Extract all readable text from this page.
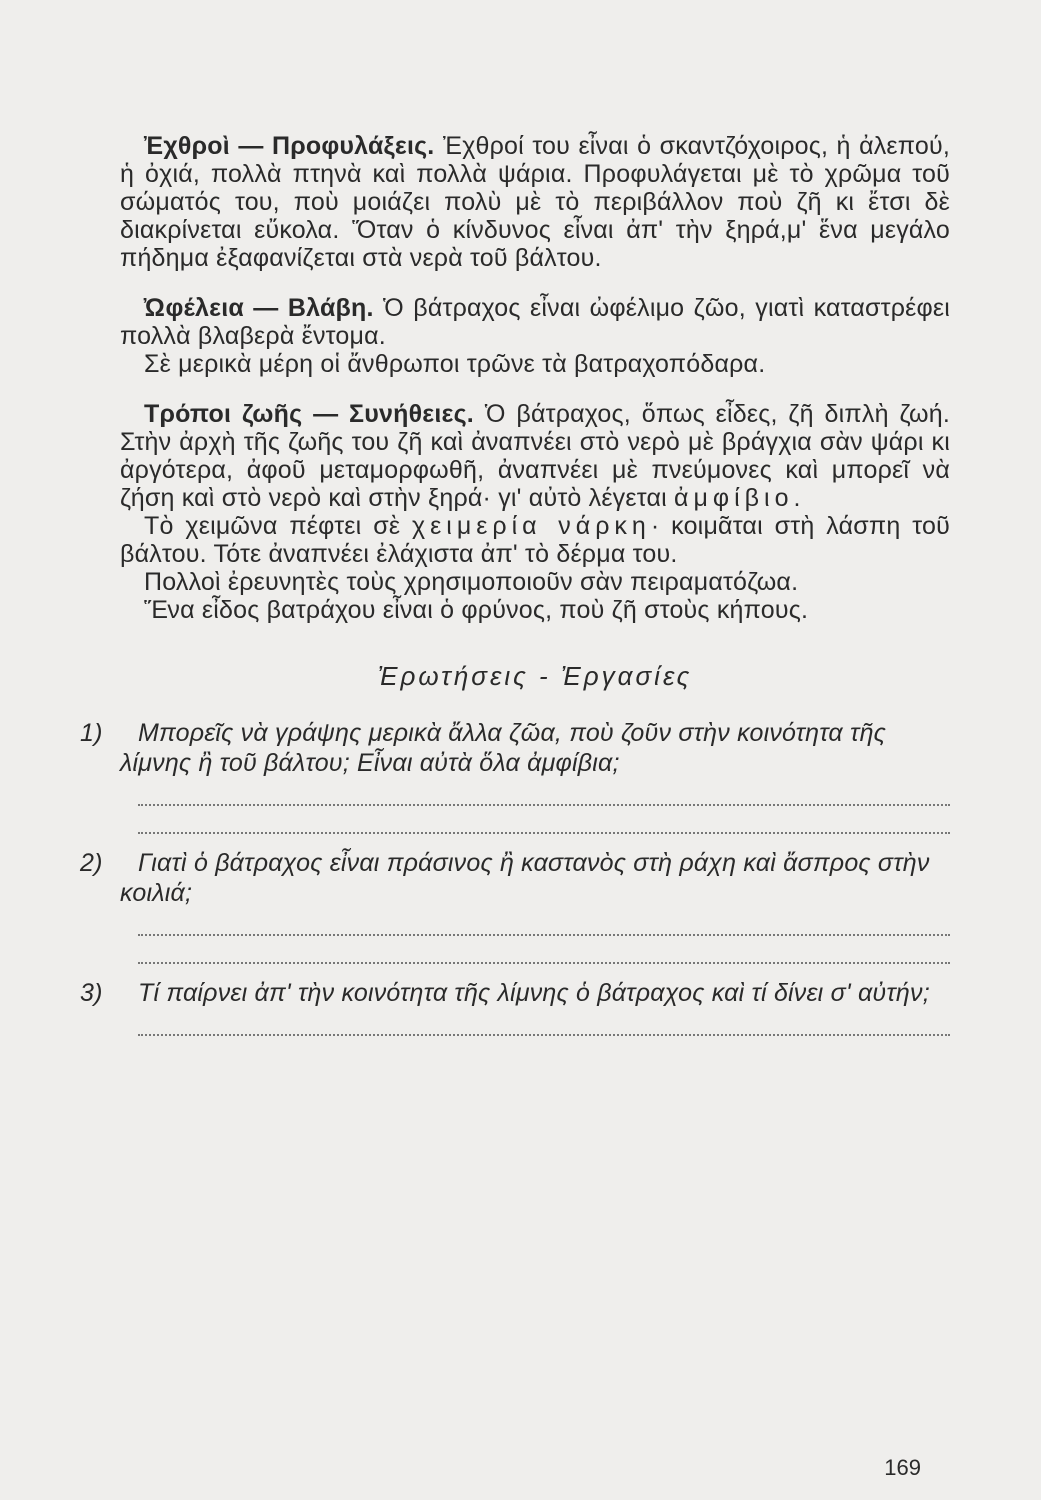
Ἐχθροὶ — Προφυλάξεις. Ἐχθροί του εἶναι ὁ σκαντζόχοιρος, ἡ ἀλεπού, ἡ ὀχιά, πολλὰ πτηνὰ καὶ πολλὰ ψάρια. Προφυλάγεται μὲ τὸ χρῶμα τοῦ σώματός του, ποὺ μοιάζει πολὺ μὲ τὸ περιβάλλον ποὺ ζῆ κι ἔτσι δὲ διακρίνεται εὔκολα. Ὅταν ὁ κίνδυνος εἶναι ἀπ' τὴν ξηρά,μ' ἕνα μεγάλο πήδημα ἐξαφανίζεται στὰ νερὰ τοῦ βάλτου.

Ὠφέλεια — Βλάβη. Ὁ βάτραχος εἶναι ὠφέλιμο ζῶο, γιατὶ καταστρέφει πολλὰ βλαβερὰ ἔντομα.

Σὲ μερικὰ μέρη οἱ ἄνθρωποι τρῶνε τὰ βατραχοπόδαρα.

Τρόποι ζωῆς — Συνήθειες. Ὁ βάτραχος, ὅπως εἶδες, ζῆ διπλὴ ζωή. Στὴν ἀρχὴ τῆς ζωῆς του ζῆ καὶ ἀναπνέει στὸ νερὸ μὲ βράγχια σὰν ψάρι κι ἀργότερα, ἀφοῦ μεταμορφωθῆ, ἀναπνέει μὲ πνεύμονες καὶ μπορεῖ νὰ ζήση καὶ στὸ νερὸ καὶ στὴν ξηρά· γι' αὐτὸ λέγεται ἀμφίβιο.

Τὸ χειμῶνα πέφτει σὲ χειμερία νάρκη· κοιμᾶται στὴ λάσπη τοῦ βάλτου. Τότε ἀναπνέει ἐλάχιστα ἀπ' τὸ δέρμα του.

Πολλοὶ ἐρευνητὲς τοὺς χρησιμοποιοῦν σὰν πειραματόζωα.

Ἕνα εἶδος βατράχου εἶναι ὁ φρύνος, ποὺ ζῆ στοὺς κήπους.

Ἐρωτήσεις - Ἐργασίες

1) Μπορεῖς νὰ γράψης μερικὰ ἄλλα ζῶα, ποὺ ζοῦν στὴν κοινότητα τῆς λίμνης ἢ τοῦ βάλτου; Εἶναι αὐτὰ ὅλα ἀμφίβια;

2) Γιατὶ ὁ βάτραχος εἶναι πράσινος ἢ καστανὸς στὴ ράχη καὶ ἄσπρος στὴν κοιλιά;

3) Τί παίρνει ἀπ' τὴν κοινότητα τῆς λίμνης ὁ βάτραχος καὶ τί δίνει σ' αὐτήν;

169
